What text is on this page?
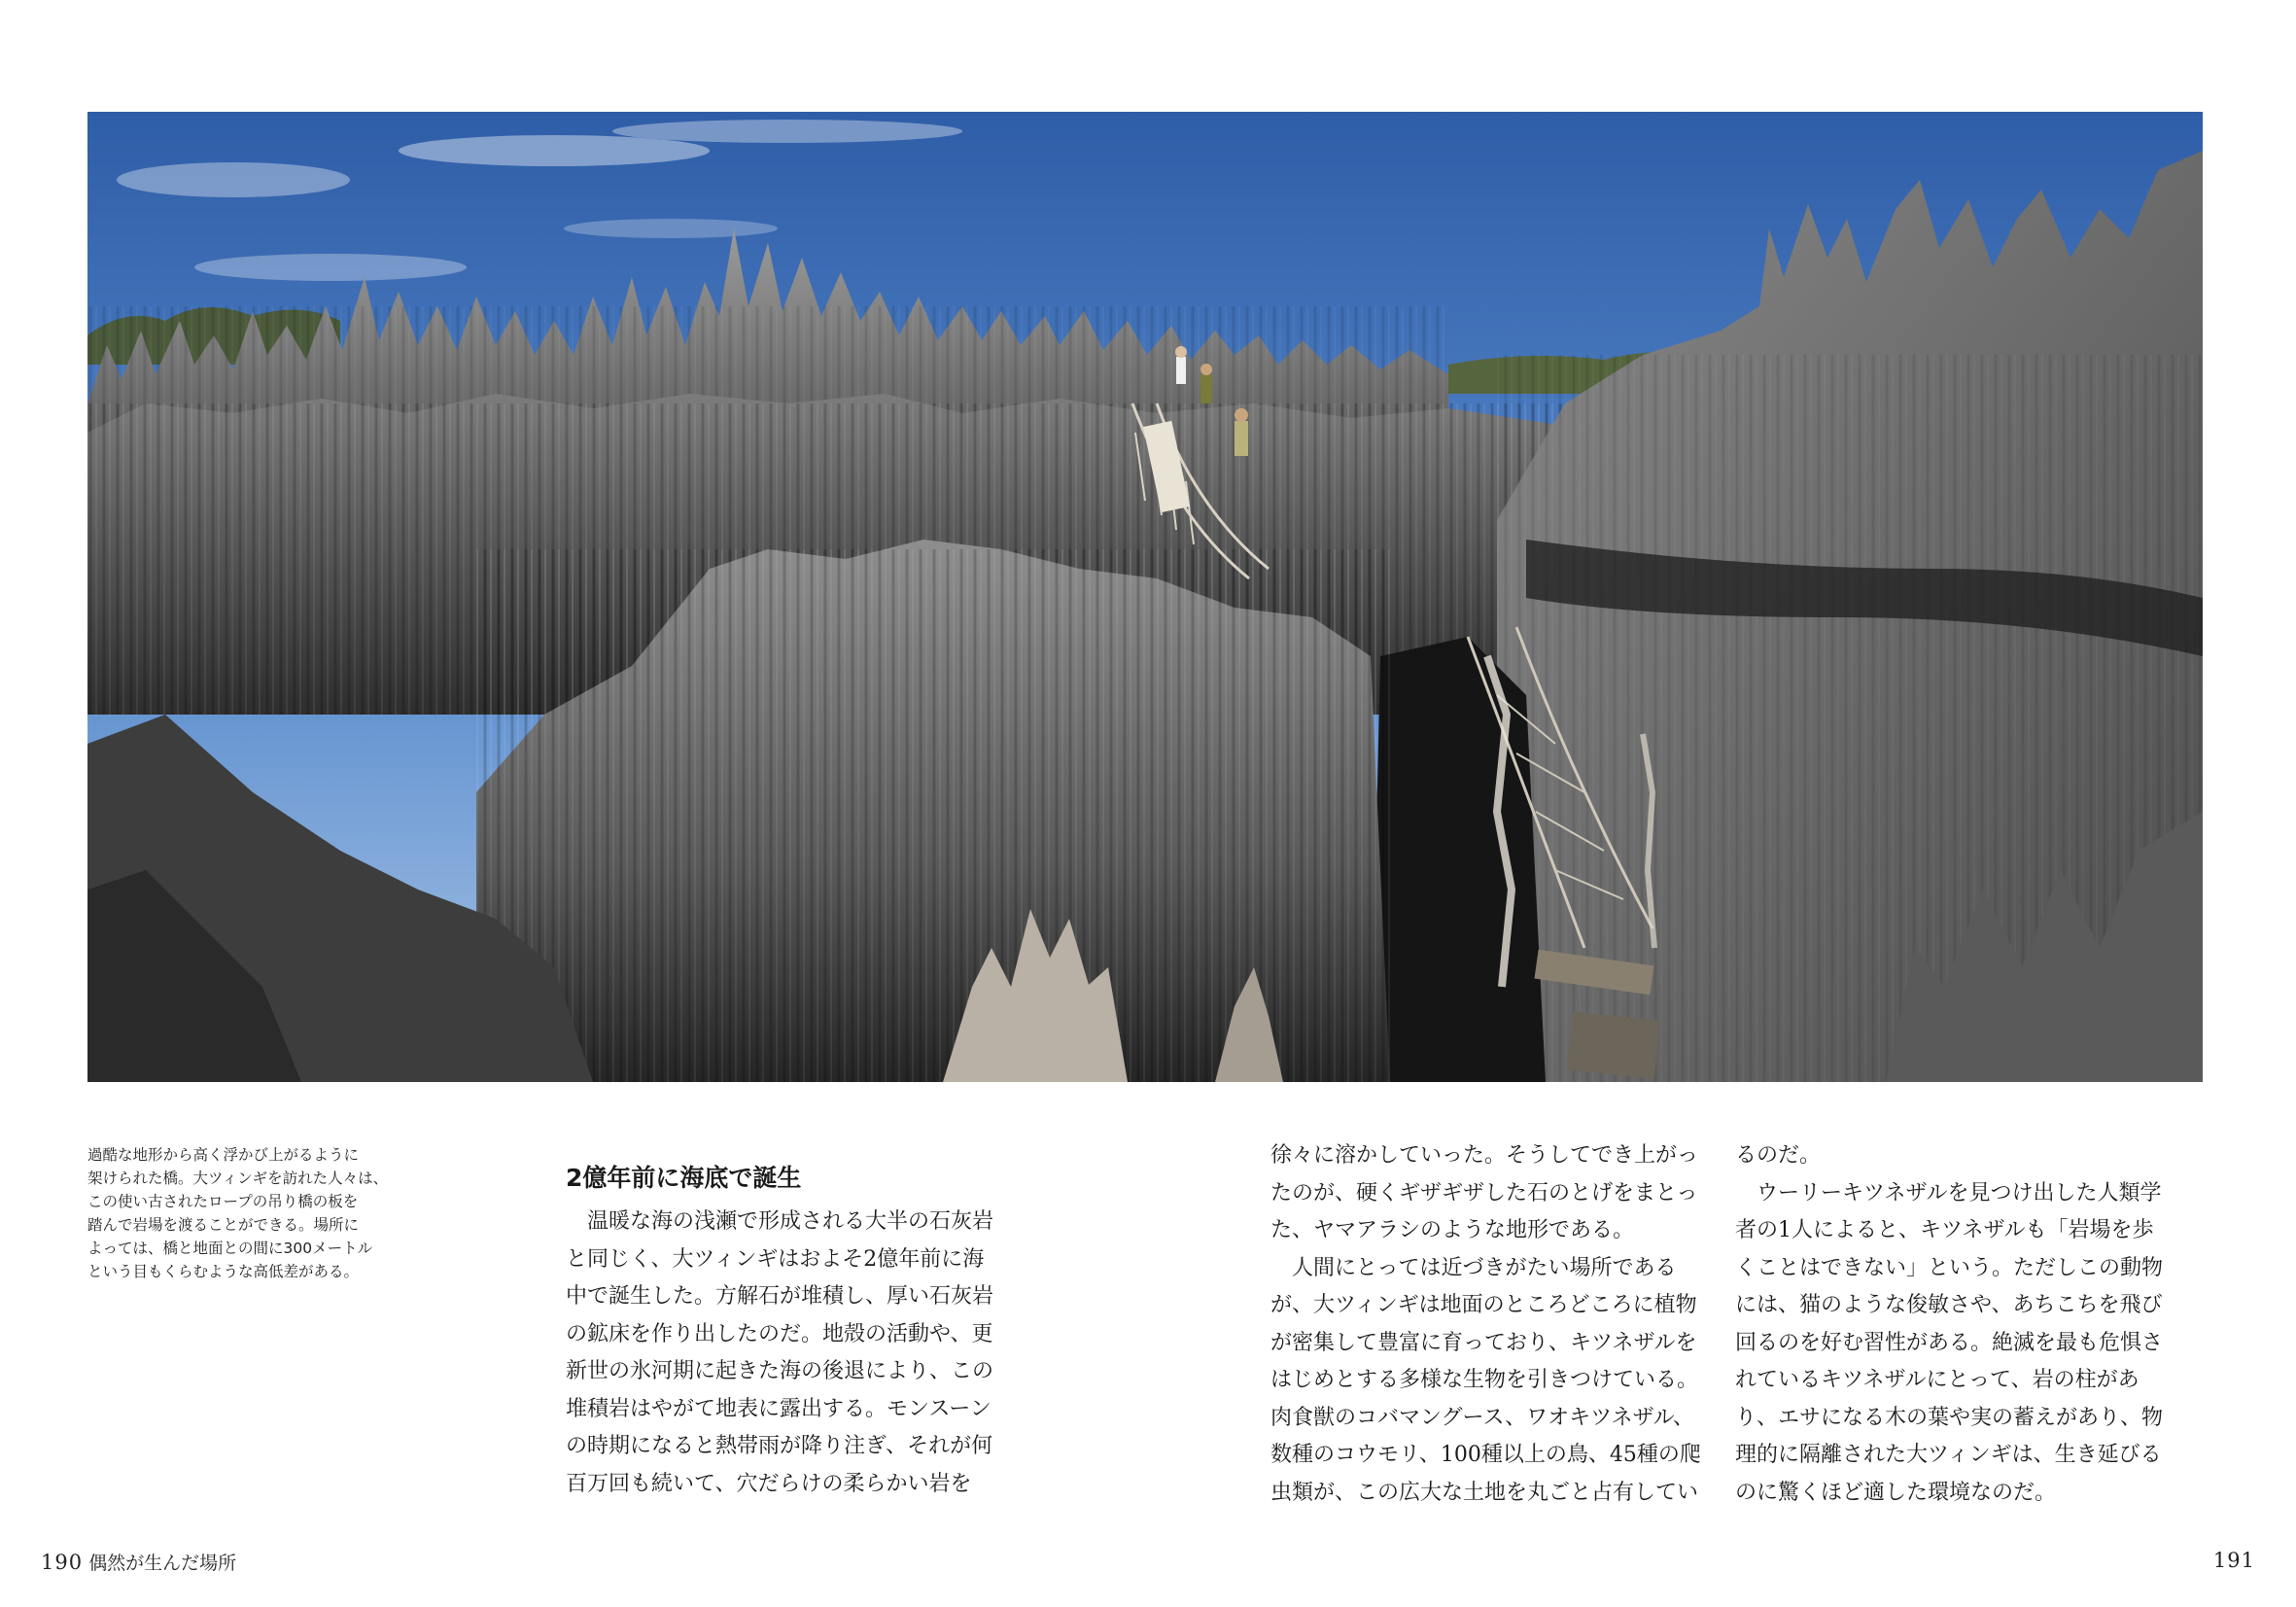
過酷な地形から高く浮かび上がるように
架けられた橋。大ツィンギを訪れた人々は、
この使い古されたロープの吊り橋の板を
踏んで岩場を渡ることができる。場所に
よっては、橋と地面との間に300メートル
という目もくらむような高低差がある。
2億年前に海底で誕生
　温暖な海の浅瀬で形成される大半の石灰岩
と同じく、大ツィンギはおよそ2億年前に海
中で誕生した。方解石が堆積し、厚い石灰岩
の鉱床を作り出したのだ。地殻の活動や、更
新世の氷河期に起きた海の後退により、この
堆積岩はやがて地表に露出する。モンスーン
の時期になると熱帯雨が降り注ぎ、それが何
百万回も続いて、穴だらけの柔らかい岩を
徐々に溶かしていった。そうしてでき上がっ
たのが、硬くギザギザした石のとげをまとっ
た、ヤマアラシのような地形である。
　人間にとっては近づきがたい場所である
が、大ツィンギは地面のところどころに植物
が密集して豊富に育っており、キツネザルを
はじめとする多様な生物を引きつけている。
肉食獣のコバマングース、ワオキツネザル、
数種のコウモリ、100種以上の鳥、45種の爬
虫類が、この広大な土地を丸ごと占有してい
るのだ。
　ウーリーキツネザルを見つけ出した人類学
者の1人によると、キツネザルも「岩場を歩
くことはできない」という。ただしこの動物
には、猫のような俊敏さや、あちこちを飛び
回るのを好む習性がある。絶滅を最も危惧さ
れているキツネザルにとって、岩の柱があ
り、エサになる木の葉や実の蓄えがあり、物
理的に隔離された大ツィンギは、生き延びる
のに驚くほど適した環境なのだ。
190 偶然が生んだ場所	191
